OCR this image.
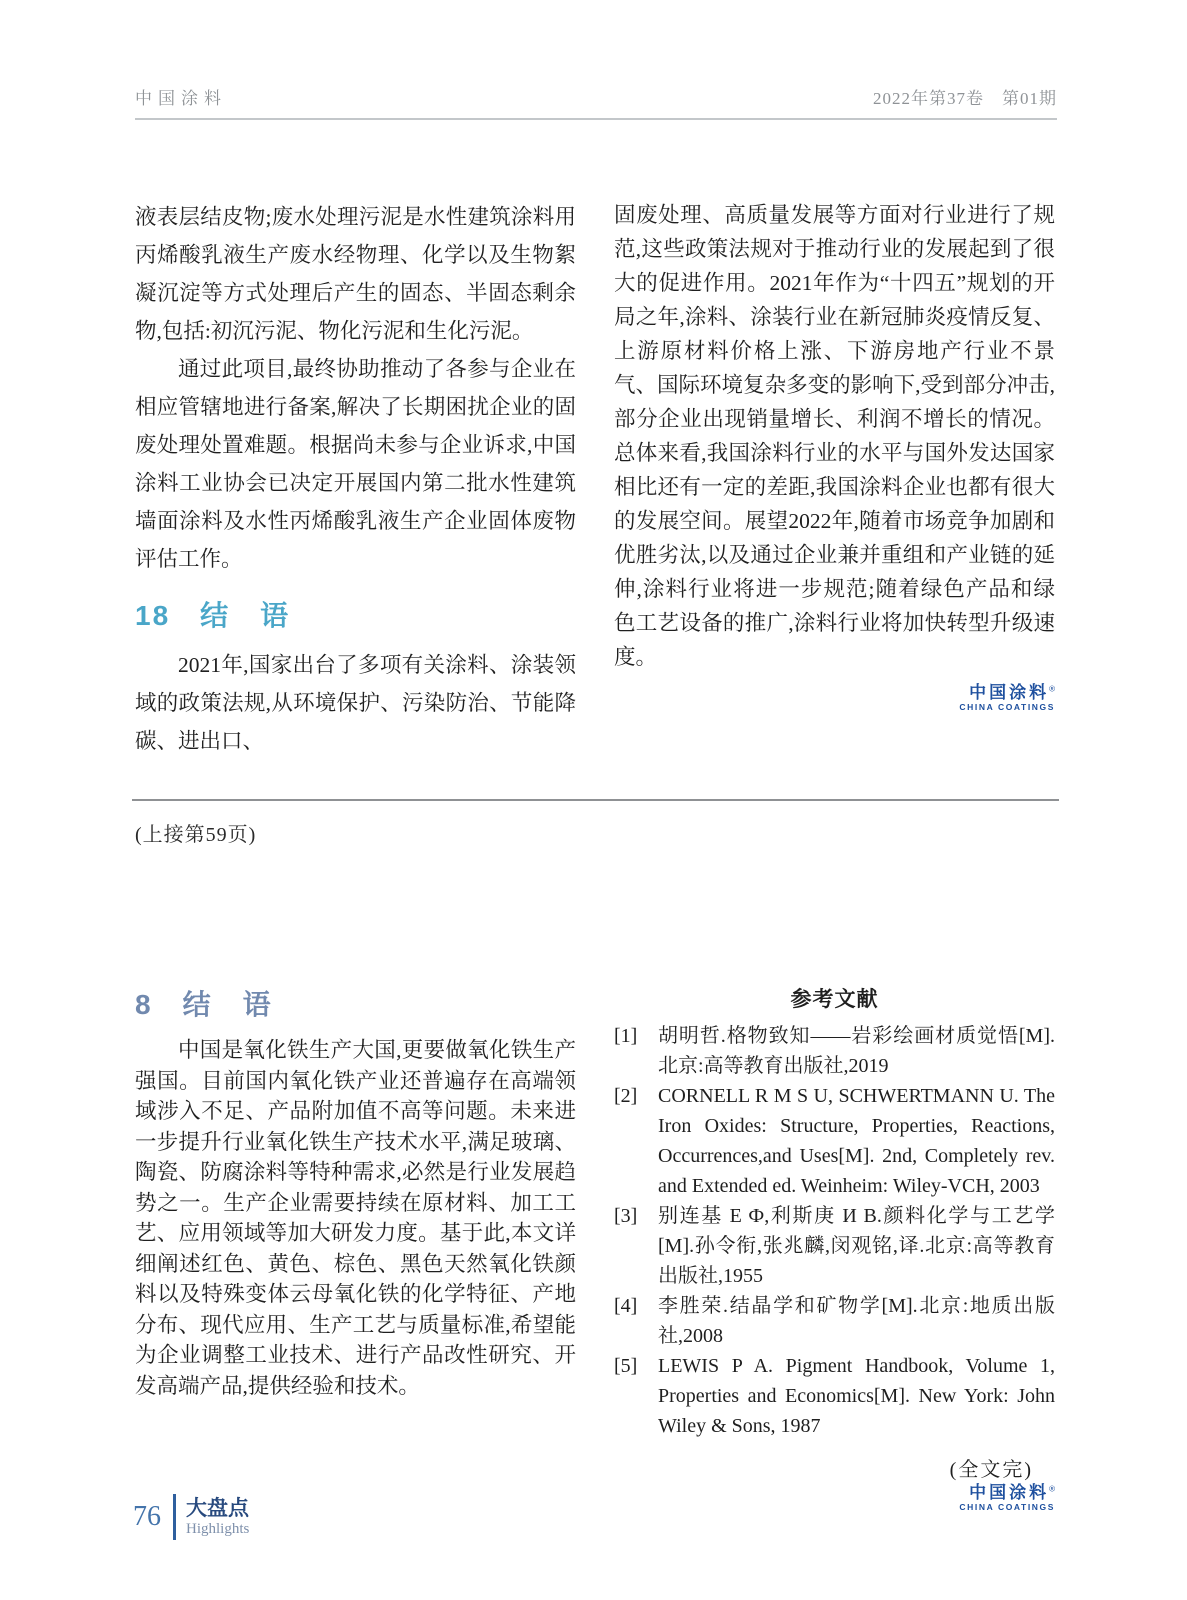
中国涂料	2022年第37卷　第01期

液表层结皮物;废水处理污泥是水性建筑涂料用丙烯酸乳液生产废水经物理、化学以及生物絮凝沉淀等方式处理后产生的固态、半固态剩余物,包括:初沉污泥、物化污泥和生化污泥。

通过此项目,最终协助推动了各参与企业在相应管辖地进行备案,解决了长期困扰企业的固废处理处置难题。根据尚未参与企业诉求,中国涂料工业协会已决定开展国内第二批水性建筑墙面涂料及水性丙烯酸乳液生产企业固体废物评估工作。

18　结　语

2021年,国家出台了多项有关涂料、涂装领域的政策法规,从环境保护、污染防治、节能降碳、进出口、

固废处理、高质量发展等方面对行业进行了规范,这些政策法规对于推动行业的发展起到了很大的促进作用。2021年作为“十四五”规划的开局之年,涂料、涂装行业在新冠肺炎疫情反复、上游原材料价格上涨、下游房地产行业不景气、国际环境复杂多变的影响下,受到部分冲击,部分企业出现销量增长、利润不增长的情况。总体来看,我国涂料行业的水平与国外发达国家相比还有一定的差距,我国涂料企业也都有很大的发展空间。展望2022年,随着市场竞争加剧和优胜劣汰,以及通过企业兼并重组和产业链的延伸,涂料行业将进一步规范;随着绿色产品和绿色工艺设备的推广,涂料行业将加快转型升级速度。

中国涂料®
CHINA COATINGS
(上接第59页)
8　结　语

中国是氧化铁生产大国,更要做氧化铁生产强国。目前国内氧化铁产业还普遍存在高端领域涉入不足、产品附加值不高等问题。未来进一步提升行业氧化铁生产技术水平,满足玻璃、陶瓷、防腐涂料等特种需求,必然是行业发展趋势之一。生产企业需要持续在原材料、加工工艺、应用领域等加大研发力度。基于此,本文详细阐述红色、黄色、棕色、黑色天然氧化铁颜料以及特殊变体云母氧化铁的化学特征、产地分布、现代应用、生产工艺与质量标准,希望能为企业调整工业技术、进行产品改性研究、开发高端产品,提供经验和技术。

参考文献

[1]	胡明哲.格物致知——岩彩绘画材质觉悟[M].北京:高等教育出版社,2019
[2]	CORNELL R M S U, SCHWERTMANN U. The Iron Oxides: Structure, Properties, Reactions, Occurrences,and Uses[M]. 2nd, Completely rev. and Extended ed. Weinheim: Wiley-VCH, 2003
[3]	别连基 Е Ф,利斯庚 И В.颜料化学与工艺学[M].孙令衔,张兆麟,闵观铭,译.北京:高等教育出版社,1955
[4]	李胜荣.结晶学和矿物学[M].北京:地质出版社,2008
[5]	LEWIS P A. Pigment Handbook, Volume 1, Properties and Economics[M]. New York: John Wiley & Sons, 1987
(全文完)
中国涂料®
CHINA COATINGS
76 大盘点
Highlights
